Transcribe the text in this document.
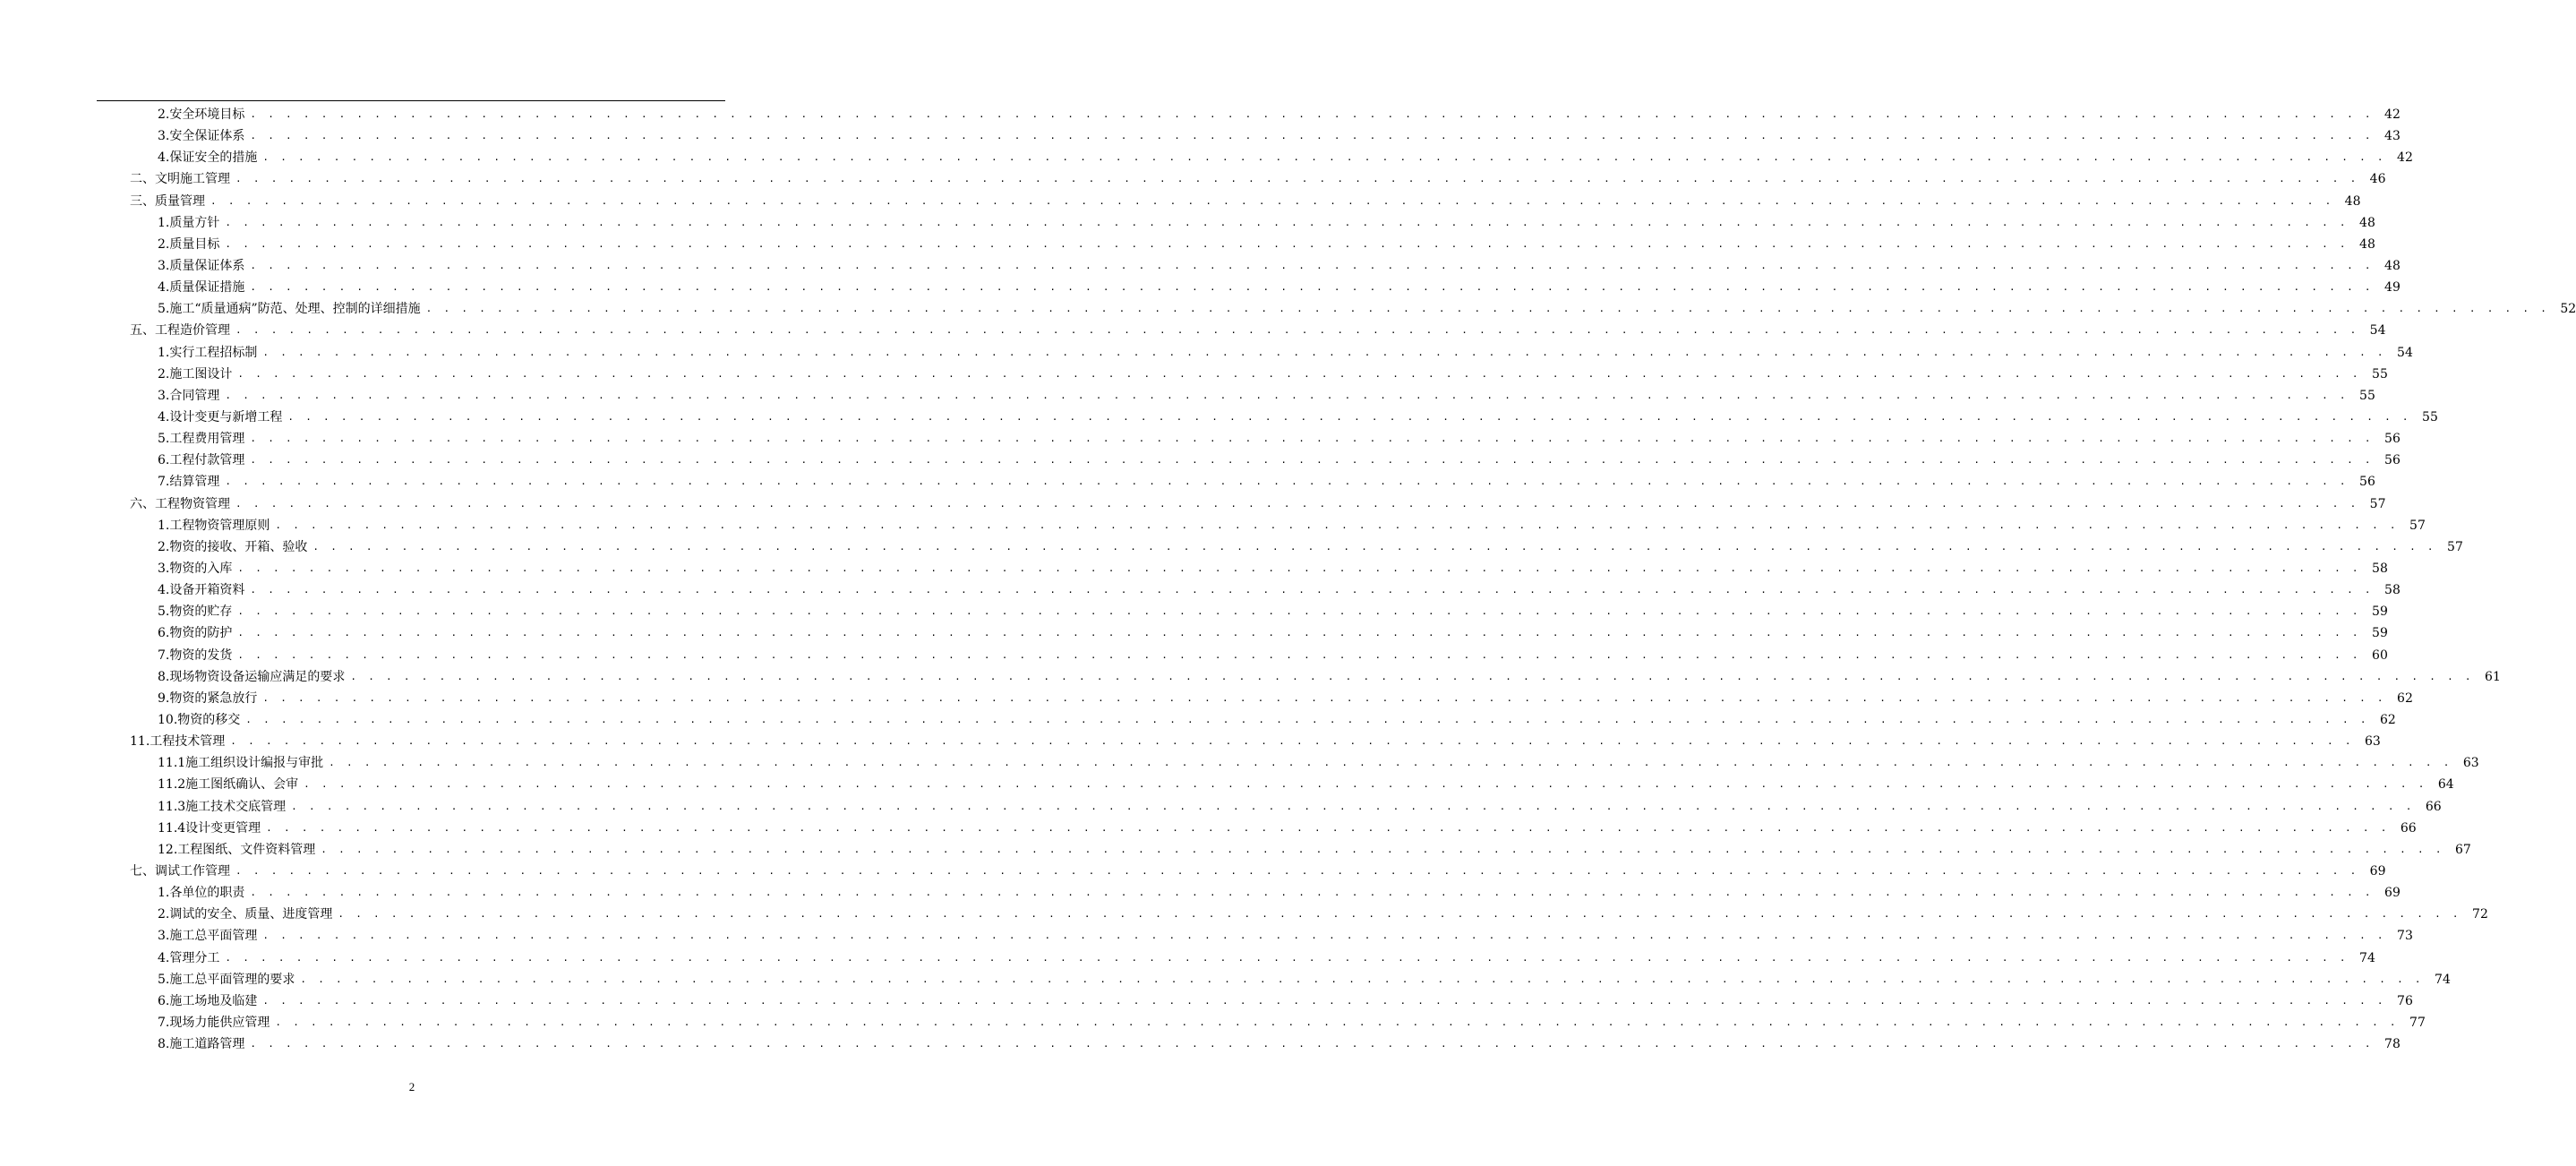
2.安全环境目标 . . . . . . . . . . . . . . . . . . . . . . . . . . . . . . . . . . . . . . . . . . . . . . . . . . . . . . . . . . . . . . . . . . . . . . . . . . . . . . . . . . . . . . . . . . . . . . . . . . . . . . . . . . . . . . . . . . . . . . . . 42
3.安全保证体系 . . . . . . . . . . . . . . . . . . . . . . . . . . . . . . . . . . . . . . . . . . . . . . . . . . . . . . . . . . . . . . . . . . . . . . . . . . . . . . . . . . . . . . . . . . . . . . . . . . . . . . . . . . . . . . . . . . . . . . . . 43
4.保证安全的措施 . . . . . . . . . . . . . . . . . . . . . . . . . . . . . . . . . . . . . . . . . . . . . . . . . . . . . . . . . . . . . . . . . . . . . . . . . . . . . . . . . . . . . . . . . . . . . . . . . . . . . . . . . . . . . . . . . . . . . . . . 42
二、文明施工管理 . . . . . . . . . . . . . . . . . . . . . . . . . . . . . . . . . . . . . . . . . . . . . . . . . . . . . . . . . . . . . . . . . . . . . . . . . . . . . . . . . . . . . . . . . . . . . . . . . . . . . . . . . . . . . . . . . . . . . . . . 46
三、质量管理 . . . . . . . . . . . . . . . . . . . . . . . . . . . . . . . . . . . . . . . . . . . . . . . . . . . . . . . . . . . . . . . . . . . . . . . . . . . . . . . . . . . . . . . . . . . . . . . . . . . . . . . . . . . . . . . . . . . . . . . . 48
1.质量方针 . . . . . . . . . . . . . . . . . . . . . . . . . . . . . . . . . . . . . . . . . . . . . . . . . . . . . . . . . . . . . . . . . . . . . . . . . . . . . . . . . . . . . . . . . . . . . . . . . . . . . . . . . . . . . . . . . . . . . . . . 48
2.质量目标 . . . . . . . . . . . . . . . . . . . . . . . . . . . . . . . . . . . . . . . . . . . . . . . . . . . . . . . . . . . . . . . . . . . . . . . . . . . . . . . . . . . . . . . . . . . . . . . . . . . . . . . . . . . . . . . . . . . . . . . . 48
3.质量保证体系 . . . . . . . . . . . . . . . . . . . . . . . . . . . . . . . . . . . . . . . . . . . . . . . . . . . . . . . . . . . . . . . . . . . . . . . . . . . . . . . . . . . . . . . . . . . . . . . . . . . . . . . . . . . . . . . . . . . . . . . . 48
4.质量保证措施 . . . . . . . . . . . . . . . . . . . . . . . . . . . . . . . . . . . . . . . . . . . . . . . . . . . . . . . . . . . . . . . . . . . . . . . . . . . . . . . . . . . . . . . . . . . . . . . . . . . . . . . . . . . . . . . . . . . . . . . . 49
5.施工“质量通病”防范、处理、控制的详细措施 . . . . . . . . . . . . . . . . . . . . . . . . . . . . . . . . . . . . . . . . . . . . . . . . . . . . . . . . . . . . . . . . . . . . . . . . . . . . . . . . . . . . . . . . . . . . . . . . . . . . . . . . . . . . . . . . . . . . . . . . 52
五、工程造价管理 . . . . . . . . . . . . . . . . . . . . . . . . . . . . . . . . . . . . . . . . . . . . . . . . . . . . . . . . . . . . . . . . . . . . . . . . . . . . . . . . . . . . . . . . . . . . . . . . . . . . . . . . . . . . . . . . . . . . . . . . 54
1.实行工程招标制 . . . . . . . . . . . . . . . . . . . . . . . . . . . . . . . . . . . . . . . . . . . . . . . . . . . . . . . . . . . . . . . . . . . . . . . . . . . . . . . . . . . . . . . . . . . . . . . . . . . . . . . . . . . . . . . . . . . . . . . . 54
2.施工图设计 . . . . . . . . . . . . . . . . . . . . . . . . . . . . . . . . . . . . . . . . . . . . . . . . . . . . . . . . . . . . . . . . . . . . . . . . . . . . . . . . . . . . . . . . . . . . . . . . . . . . . . . . . . . . . . . . . . . . . . . . 55
3.合同管理 . . . . . . . . . . . . . . . . . . . . . . . . . . . . . . . . . . . . . . . . . . . . . . . . . . . . . . . . . . . . . . . . . . . . . . . . . . . . . . . . . . . . . . . . . . . . . . . . . . . . . . . . . . . . . . . . . . . . . . . . 55
4.设计变更与新增工程 . . . . . . . . . . . . . . . . . . . . . . . . . . . . . . . . . . . . . . . . . . . . . . . . . . . . . . . . . . . . . . . . . . . . . . . . . . . . . . . . . . . . . . . . . . . . . . . . . . . . . . . . . . . . . . . . . . . . . . . . 55
5.工程费用管理 . . . . . . . . . . . . . . . . . . . . . . . . . . . . . . . . . . . . . . . . . . . . . . . . . . . . . . . . . . . . . . . . . . . . . . . . . . . . . . . . . . . . . . . . . . . . . . . . . . . . . . . . . . . . . . . . . . . . . . . . 56
6.工程付款管理 . . . . . . . . . . . . . . . . . . . . . . . . . . . . . . . . . . . . . . . . . . . . . . . . . . . . . . . . . . . . . . . . . . . . . . . . . . . . . . . . . . . . . . . . . . . . . . . . . . . . . . . . . . . . . . . . . . . . . . . . 56
7.结算管理 . . . . . . . . . . . . . . . . . . . . . . . . . . . . . . . . . . . . . . . . . . . . . . . . . . . . . . . . . . . . . . . . . . . . . . . . . . . . . . . . . . . . . . . . . . . . . . . . . . . . . . . . . . . . . . . . . . . . . . . . 56
六、工程物资管理 . . . . . . . . . . . . . . . . . . . . . . . . . . . . . . . . . . . . . . . . . . . . . . . . . . . . . . . . . . . . . . . . . . . . . . . . . . . . . . . . . . . . . . . . . . . . . . . . . . . . . . . . . . . . . . . . . . . . . . . . 57
1.工程物资管理原则 . . . . . . . . . . . . . . . . . . . . . . . . . . . . . . . . . . . . . . . . . . . . . . . . . . . . . . . . . . . . . . . . . . . . . . . . . . . . . . . . . . . . . . . . . . . . . . . . . . . . . . . . . . . . . . . . . . . . . . . . 57
2.物资的接收、开箱、验收 . . . . . . . . . . . . . . . . . . . . . . . . . . . . . . . . . . . . . . . . . . . . . . . . . . . . . . . . . . . . . . . . . . . . . . . . . . . . . . . . . . . . . . . . . . . . . . . . . . . . . . . . . . . . . . . . . . . . . . . . 57
3.物资的入库 . . . . . . . . . . . . . . . . . . . . . . . . . . . . . . . . . . . . . . . . . . . . . . . . . . . . . . . . . . . . . . . . . . . . . . . . . . . . . . . . . . . . . . . . . . . . . . . . . . . . . . . . . . . . . . . . . . . . . . . . 58
4.设备开箱资料 . . . . . . . . . . . . . . . . . . . . . . . . . . . . . . . . . . . . . . . . . . . . . . . . . . . . . . . . . . . . . . . . . . . . . . . . . . . . . . . . . . . . . . . . . . . . . . . . . . . . . . . . . . . . . . . . . . . . . . . . 58
5.物资的贮存 . . . . . . . . . . . . . . . . . . . . . . . . . . . . . . . . . . . . . . . . . . . . . . . . . . . . . . . . . . . . . . . . . . . . . . . . . . . . . . . . . . . . . . . . . . . . . . . . . . . . . . . . . . . . . . . . . . . . . . . . 59
6.物资的防护 . . . . . . . . . . . . . . . . . . . . . . . . . . . . . . . . . . . . . . . . . . . . . . . . . . . . . . . . . . . . . . . . . . . . . . . . . . . . . . . . . . . . . . . . . . . . . . . . . . . . . . . . . . . . . . . . . . . . . . . . 59
7.物资的发货 . . . . . . . . . . . . . . . . . . . . . . . . . . . . . . . . . . . . . . . . . . . . . . . . . . . . . . . . . . . . . . . . . . . . . . . . . . . . . . . . . . . . . . . . . . . . . . . . . . . . . . . . . . . . . . . . . . . . . . . . 60
8.现场物资设备运输应满足的要求 . . . . . . . . . . . . . . . . . . . . . . . . . . . . . . . . . . . . . . . . . . . . . . . . . . . . . . . . . . . . . . . . . . . . . . . . . . . . . . . . . . . . . . . . . . . . . . . . . . . . . . . . . . . . . . . . . . . . . . . . 61
9.物资的紧急放行 . . . . . . . . . . . . . . . . . . . . . . . . . . . . . . . . . . . . . . . . . . . . . . . . . . . . . . . . . . . . . . . . . . . . . . . . . . . . . . . . . . . . . . . . . . . . . . . . . . . . . . . . . . . . . . . . . . . . . . . . 62
10.物资的移交 . . . . . . . . . . . . . . . . . . . . . . . . . . . . . . . . . . . . . . . . . . . . . . . . . . . . . . . . . . . . . . . . . . . . . . . . . . . . . . . . . . . . . . . . . . . . . . . . . . . . . . . . . . . . . . . . . . . . . . . . 62
11.工程技术管理 . . . . . . . . . . . . . . . . . . . . . . . . . . . . . . . . . . . . . . . . . . . . . . . . . . . . . . . . . . . . . . . . . . . . . . . . . . . . . . . . . . . . . . . . . . . . . . . . . . . . . . . . . . . . . . . . . . . . . . . . 63
11.1施工组织设计编报与审批 . . . . . . . . . . . . . . . . . . . . . . . . . . . . . . . . . . . . . . . . . . . . . . . . . . . . . . . . . . . . . . . . . . . . . . . . . . . . . . . . . . . . . . . . . . . . . . . . . . . . . . . . . . . . . . . . . . . . . . . . 63
11.2施工图纸确认、会审 . . . . . . . . . . . . . . . . . . . . . . . . . . . . . . . . . . . . . . . . . . . . . . . . . . . . . . . . . . . . . . . . . . . . . . . . . . . . . . . . . . . . . . . . . . . . . . . . . . . . . . . . . . . . . . . . . . . . . . . . 64
11.3施工技术交底管理 . . . . . . . . . . . . . . . . . . . . . . . . . . . . . . . . . . . . . . . . . . . . . . . . . . . . . . . . . . . . . . . . . . . . . . . . . . . . . . . . . . . . . . . . . . . . . . . . . . . . . . . . . . . . . . . . . . . . . . . . 66
11.4设计变更管理 . . . . . . . . . . . . . . . . . . . . . . . . . . . . . . . . . . . . . . . . . . . . . . . . . . . . . . . . . . . . . . . . . . . . . . . . . . . . . . . . . . . . . . . . . . . . . . . . . . . . . . . . . . . . . . . . . . . . . . . . 66
12.工程图纸、文件资料管理 . . . . . . . . . . . . . . . . . . . . . . . . . . . . . . . . . . . . . . . . . . . . . . . . . . . . . . . . . . . . . . . . . . . . . . . . . . . . . . . . . . . . . . . . . . . . . . . . . . . . . . . . . . . . . . . . . . . . . . . . 67
七、调试工作管理 . . . . . . . . . . . . . . . . . . . . . . . . . . . . . . . . . . . . . . . . . . . . . . . . . . . . . . . . . . . . . . . . . . . . . . . . . . . . . . . . . . . . . . . . . . . . . . . . . . . . . . . . . . . . . . . . . . . . . . . . 69
1.各单位的职责 . . . . . . . . . . . . . . . . . . . . . . . . . . . . . . . . . . . . . . . . . . . . . . . . . . . . . . . . . . . . . . . . . . . . . . . . . . . . . . . . . . . . . . . . . . . . . . . . . . . . . . . . . . . . . . . . . . . . . . . . 69
2.调试的安全、质量、进度管理 . . . . . . . . . . . . . . . . . . . . . . . . . . . . . . . . . . . . . . . . . . . . . . . . . . . . . . . . . . . . . . . . . . . . . . . . . . . . . . . . . . . . . . . . . . . . . . . . . . . . . . . . . . . . . . . . . . . . . . . . 72
3.施工总平面管理 . . . . . . . . . . . . . . . . . . . . . . . . . . . . . . . . . . . . . . . . . . . . . . . . . . . . . . . . . . . . . . . . . . . . . . . . . . . . . . . . . . . . . . . . . . . . . . . . . . . . . . . . . . . . . . . . . . . . . . . . 73
4.管理分工 . . . . . . . . . . . . . . . . . . . . . . . . . . . . . . . . . . . . . . . . . . . . . . . . . . . . . . . . . . . . . . . . . . . . . . . . . . . . . . . . . . . . . . . . . . . . . . . . . . . . . . . . . . . . . . . . . . . . . . . . 74
5.施工总平面管理的要求 . . . . . . . . . . . . . . . . . . . . . . . . . . . . . . . . . . . . . . . . . . . . . . . . . . . . . . . . . . . . . . . . . . . . . . . . . . . . . . . . . . . . . . . . . . . . . . . . . . . . . . . . . . . . . . . . . . . . . . . . 74
6.施工场地及临建 . . . . . . . . . . . . . . . . . . . . . . . . . . . . . . . . . . . . . . . . . . . . . . . . . . . . . . . . . . . . . . . . . . . . . . . . . . . . . . . . . . . . . . . . . . . . . . . . . . . . . . . . . . . . . . . . . . . . . . . . 76
7.现场力能供应管理 . . . . . . . . . . . . . . . . . . . . . . . . . . . . . . . . . . . . . . . . . . . . . . . . . . . . . . . . . . . . . . . . . . . . . . . . . . . . . . . . . . . . . . . . . . . . . . . . . . . . . . . . . . . . . . . . . . . . . . . . 77
8.施工道路管理 . . . . . . . . . . . . . . . . . . . . . . . . . . . . . . . . . . . . . . . . . . . . . . . . . . . . . . . . . . . . . . . . . . . . . . . . . . . . . . . . . . . . . . . . . . . . . . . . . . . . . . . . . . . . . . . . . . . . . . . . 78
2
